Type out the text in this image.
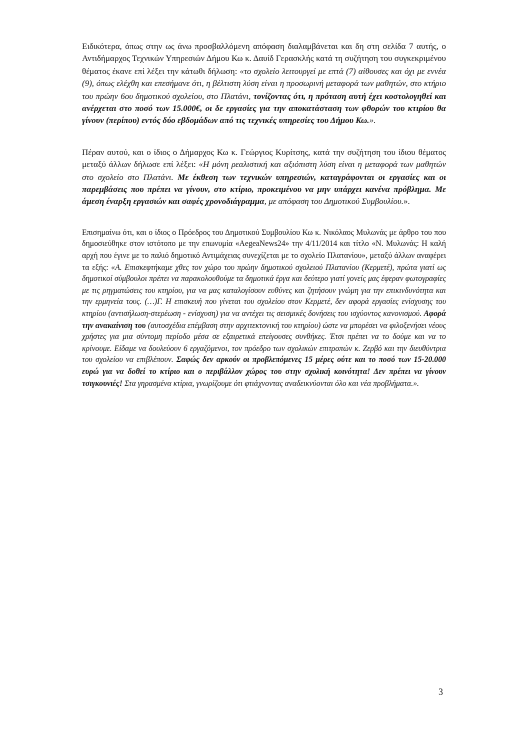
Ειδικότερα, όπως στην ως άνω προσβαλλόμενη απόφαση διαλαμβάνεται και δη στη σελίδα 7 αυτής, ο Αντιδήμαρχος Τεχνικών Υπηρεσιών Δήμου Κω κ. Δαυίδ Γερασκλής κατά τη συζήτηση του συγκεκριμένου θέματος έκανε επί λέξει την κάτωθι δήλωση: «το σχολείο λειτουργεί με επτά (7) αίθουσες και όχι με εννέα (9), όπως ελέχθη και επεσήμανε ότι, η βέλτιστη λύση είναι η προσωρινή μεταφορά των μαθητών, στο κτήριο του πρώην 6ου δημοτικού σχολείου, στο Πλατάνι, τονίζοντας ότι, η πρόταση αυτή έχει κοστολογηθεί και ανέρχεται στο ποσό των 15.000€, οι δε εργασίες για την αποκατάσταση των φθορών του κτιρίου θα γίνουν (περίπου) εντός δύο εβδομάδων από τις τεχνικές υπηρεσίες του Δήμου Κω.».

Πέραν αυτού, και ο ίδιος ο Δήμαρχος Κω κ. Γεώργιος Κυρίτσης, κατά την συζήτηση του ίδιου θέματος μεταξύ άλλων δήλωσε επί λέξει: «Η μόνη ρεαλιστική και αξιόπιστη λύση είναι η μεταφορά των μαθητών στο σχολείο στο Πλατάνι. Με έκθεση των τεχνικών υπηρεσιών, καταγράφονται οι εργασίες και οι παρεμβάσεις που πρέπει να γίνουν, στο κτίριο, προκειμένου να μην υπάρχει κανένα πρόβλημα. Με άμεση έναρξη εργασιών και σαφές χρονοδιάγραμμα, με απόφαση του Δημοτικού Συμβουλίου.».

Επισημαίνω ότι, και ο ίδιος ο Πρόεδρος του Δημοτικού Συμβουλίου Κω κ. Νικόλαος Μυλωνάς με άρθρο του που δημοσιεύθηκε στον ιστότοπο με την επωνυμία «AegeaNews24» την 4/11/2014 και τίτλο «Ν. Μυλωνάς: Η καλή αρχή που έγινε με το παλιό δημοτικό Αντιμάχειας συνεχίζεται με το σχολείο Πλατανίου», μεταξύ άλλων αναφέρει τα εξής: «Α. Επισκεφτήκαμε χθες τον χώρο του πρώην δημοτικού σχολειού Πλατανίου (Κερμετέ), πρώτα γιατί ως δημοτικοί σύμβουλοι πρέπει να παρακολουθούμε τα δημοτικά έργα και δεύτερο γιατί γονείς μας έφεραν φωτογραφίες με τις ρηγματώσεις του κτηρίου, για να μας καταλογίσουν ευθύνες και ζητήσουν γνώμη για την επικινδυνότητα και την ερμηνεία τους. (…)Γ. Η επισκευή που γίνεται του σχολείου στον Κερμετέ, δεν αφορά εργασίες ενίσχυσης του κτηρίου (αντισήλωση-στερέωση - ενίσχυση) για να αντέχει τις σεισμικές δονήσεις του ισχύοντος κανονισμού. Αφορά την ανακαίνιση του (αυτοσχέδια επέμβαση στην αρχιτεκτονική του κτηρίου) ώστε να μπορέσει να φιλοξενήσει νέους χρήστες για μια σύντομη περίοδο μέσα σε εξαιρετικά επείγουσες συνθήκες. Έτσι πρέπει να το δούμε και να το κρίνουμε. Είδαμε να δουλεύουν 6 εργαζόμενοι, τον πρόεδρο των σχολικών επιτροπών κ. Ζερβό και την διευθύντρια του σχολείου να επιβλέπουν. Σαφώς δεν αρκούν οι προβλεπόμενες 15 μέρες ούτε και το ποσό των 15-20.000 ευρώ για να δοθεί το κτίριο και ο περιβάλλον χώρος του στην σχολική κοινότητα! Δεν πρέπει να γίνουν τσιγκουνιές! Στα γηρασμένα κτίρια, γνωρίζουμε ότι φτιάχνοντας αναδεικνύονται όλο και νέα προβλήματα.».

3
